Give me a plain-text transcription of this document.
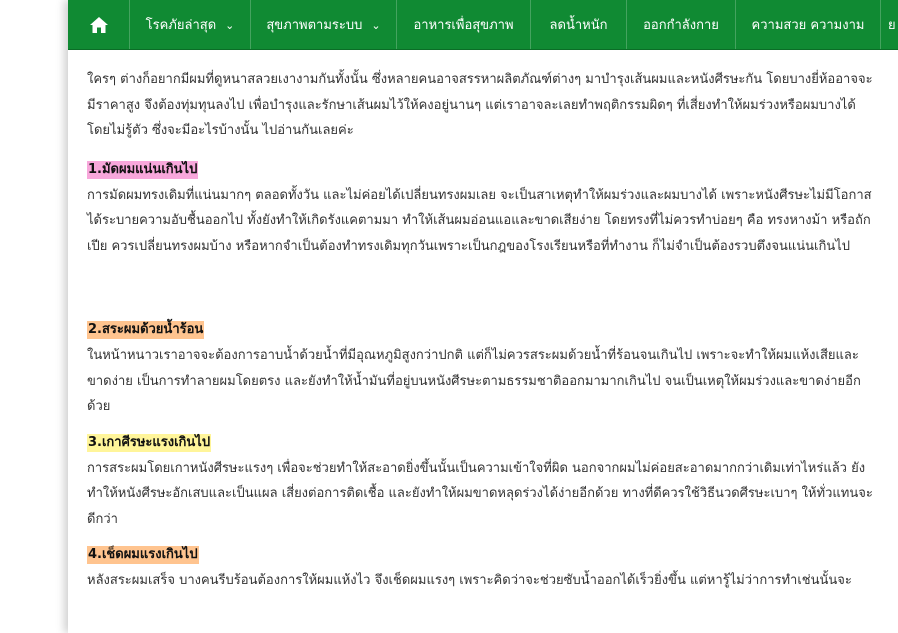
โรคภัยล่าสุด ⌄ สุขภาพตามระบบ ⌄	อาหารเพื่อสุขภาพ	ลดน้ำหนัก	ออกกำลังกาย	ความสวย ความงาม ย

ใครๆ ต่างก็อยากมีผมที่ดูหนาสลวยเงางามกันทั้งนั้น ซึ่งหลายคนอาจสรรหาผลิตภัณฑ์ต่างๆ มาบำรุงเส้นผมและหนังศีรษะกัน โดยบางยี่ห้ออาจจะมีราคาสูง จึงต้องทุ่มทุนลงไป เพื่อบำรุงและรักษาเส้นผมไว้ให้คงอยู่นานๆ แต่เราอาจละเลยทำพฤติกรรมผิดๆ ที่เสี่ยงทำให้ผมร่วงหรือผมบางได้โดยไม่รู้ตัว ซึ่งจะมีอะไรบ้างนั้น ไปอ่านกันเลยค่ะ

1.มัดผมแน่นเกินไป

การมัดผมทรงเดิมที่แน่นมากๆ ตลอดทั้งวัน และไม่ค่อยได้เปลี่ยนทรงผมเลย จะเป็นสาเหตุทำให้ผมร่วงและผมบางได้ เพราะหนังศีรษะไม่มีโอกาสได้ระบายความอับชื้นออกไป ทั้งยังทำให้เกิดรังแคตามมา ทำให้เส้นผมอ่อนแอและขาดเสียง่าย โดยทรงที่ไม่ควรทำบ่อยๆ คือ ทรงหางม้า หรือถักเปีย ควรเปลี่ยนทรงผมบ้าง หรือหากจำเป็นต้องทำทรงเดิมทุกวันเพราะเป็นกฎของโรงเรียนหรือที่ทำงาน ก็ไม่จำเป็นต้องรวบตึงจนแน่นเกินไป

2.สระผมด้วยน้ำร้อน

ในหน้าหนาวเราอาจจะต้องการอาบน้ำด้วยน้ำที่มีอุณหภูมิสูงกว่าปกติ แต่ก็ไม่ควรสระผมด้วยน้ำที่ร้อนจนเกินไป เพราะจะทำให้ผมแห้งเสียและขาดง่าย เป็นการทำลายผมโดยตรง และยังทำให้น้ำมันที่อยู่บนหนังศีรษะตามธรรมชาติออกมามากเกินไป จนเป็นเหตุให้ผมร่วงและขาดง่ายอีกด้วย

3.เกาศีรษะแรงเกินไป

การสระผมโดยเกาหนังศีรษะแรงๆ เพื่อจะช่วยทำให้สะอาดยิ่งขึ้นนั้นเป็นความเข้าใจที่ผิด นอกจากผมไม่ค่อยสะอาดมากกว่าเดิมเท่าไหร่แล้ว ยังทำให้หนังศีรษะอักเสบและเป็นแผล เสี่ยงต่อการติดเชื้อ และยังทำให้ผมขาดหลุดร่วงได้ง่ายอีกด้วย ทางที่ดีควรใช้วิธีนวดศีรษะเบาๆ ให้ทั่วแทนจะดีกว่า

4.เช็ดผมแรงเกินไป

หลังสระผมเสร็จ บางคนรีบร้อนต้องการให้ผมแห้งไว จึงเช็ดผมแรงๆ เพราะคิดว่าจะช่วยซับน้ำออกได้เร็วยิ่งขึ้น แต่หารู้ไม่ว่าการทำเช่นนั้นจะ
